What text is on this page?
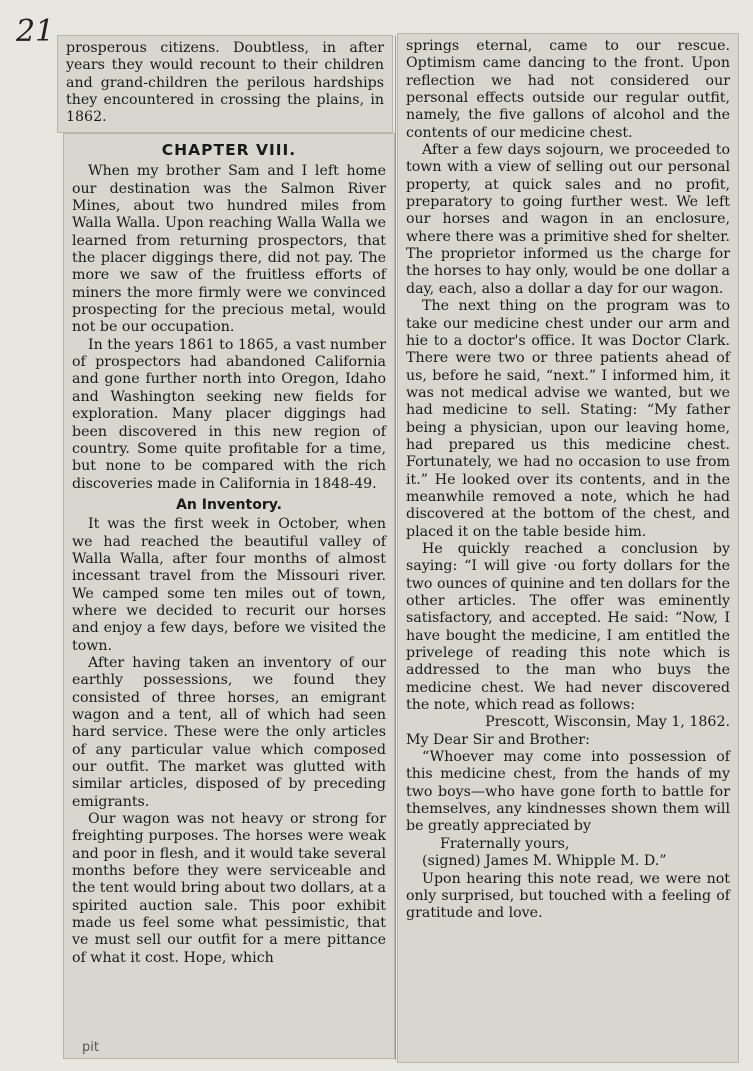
21 prosperous citizens. Doubtless, in after years they would recount to their children and grand-children the perilous hardships they encountered in crossing the plains, in 1862.

CHAPTER VIII.

When my brother Sam and I left home our destination was the Salmon River Mines, about two hundred miles from Walla Walla. Upon reaching Walla Walla we learned from returning prospectors, that the placer diggings there, did not pay. The more we saw of the fruitless efforts of miners the more firmly were we convinced prospecting for the precious metal, would not be our occupation.

In the years 1861 to 1865, a vast number of prospectors had abandoned California and gone further north into Oregon, Idaho and Washington seeking new fields for exploration. Many placer diggings had been discovered in this new region of country. Some quite profitable for a time, but none to be compared with the rich discoveries made in California in 1848-49.

An Inventory.

It was the first week in October, when we had reached the beautiful valley of Walla Walla, after four months of almost incessant travel from the Missouri river. We camped some ten miles out of town, where we decided to recurit our horses and enjoy a few days, before we visited the town.

After having taken an inventory of our earthly possessions, we found they consisted of three horses, an emigrant wagon and a tent, all of which had seen hard service. These were the only articles of any particular value which composed our outfit. The market was glutted with similar articles, disposed of by preceding emigrants.

Our wagon was not heavy or strong for freighting purposes. The horses were weak and poor in flesh, and it would take several months before they were serviceable and the tent would bring about two dollars, at a spirited auction sale. This poor exhibit made us feel some what pessimistic, that ve must sell our outfit for a mere pittance of what it cost. Hope, which

springs eternal, came to our rescue. Optimism came dancing to the front. Upon reflection we had not considered our personal effects outside our regular outfit, namely, the five gallons of alcohol and the contents of our medicine chest.

After a few days sojourn, we proceeded to town with a view of selling out our personal property, at quick sales and no profit, preparatory to going further west. We left our horses and wagon in an enclosure, where there was a primitive shed for shelter. The proprietor informed us the charge for the horses to hay only, would be one dollar a day, each, also a dollar a day for our wagon.

The next thing on the program was to take our medicine chest under our arm and hie to a doctor's office. It was Doctor Clark. There were two or three patients ahead of us, before he said, “next.” I informed him, it was not medical advise we wanted, but we had medicine to sell. Stating: “My father being a physician, upon our leaving home, had prepared us this medicine chest. Fortunately, we had no occasion to use from it.” He looked over its contents, and in the meanwhile removed a note, which he had discovered at the bottom of the chest, and placed it on the table beside him.

He quickly reached a conclusion by saying: “I will give ·ou forty dollars for the two ounces of quinine and ten dollars for the other articles. The offer was eminently satisfactory, and accepted. He said: “Now, I have bought the medicine, I am entitled the privelege of reading this note which is addressed to the man who buys the medicine chest. We had never discovered the note, which read as follows:

Prescott, Wisconsin, May 1, 1862.

My Dear Sir and Brother:

“Whoever may come into possession of this medicine chest, from the hands of my two boys—who have gone forth to battle for themselves, any kindnesses shown them will be greatly appreciated by

Fraternally yours,

(signed) James M. Whipple M. D.”

Upon hearing this note read, we were not only surprised, but touched with a feeling of gratitude and love.

pit
